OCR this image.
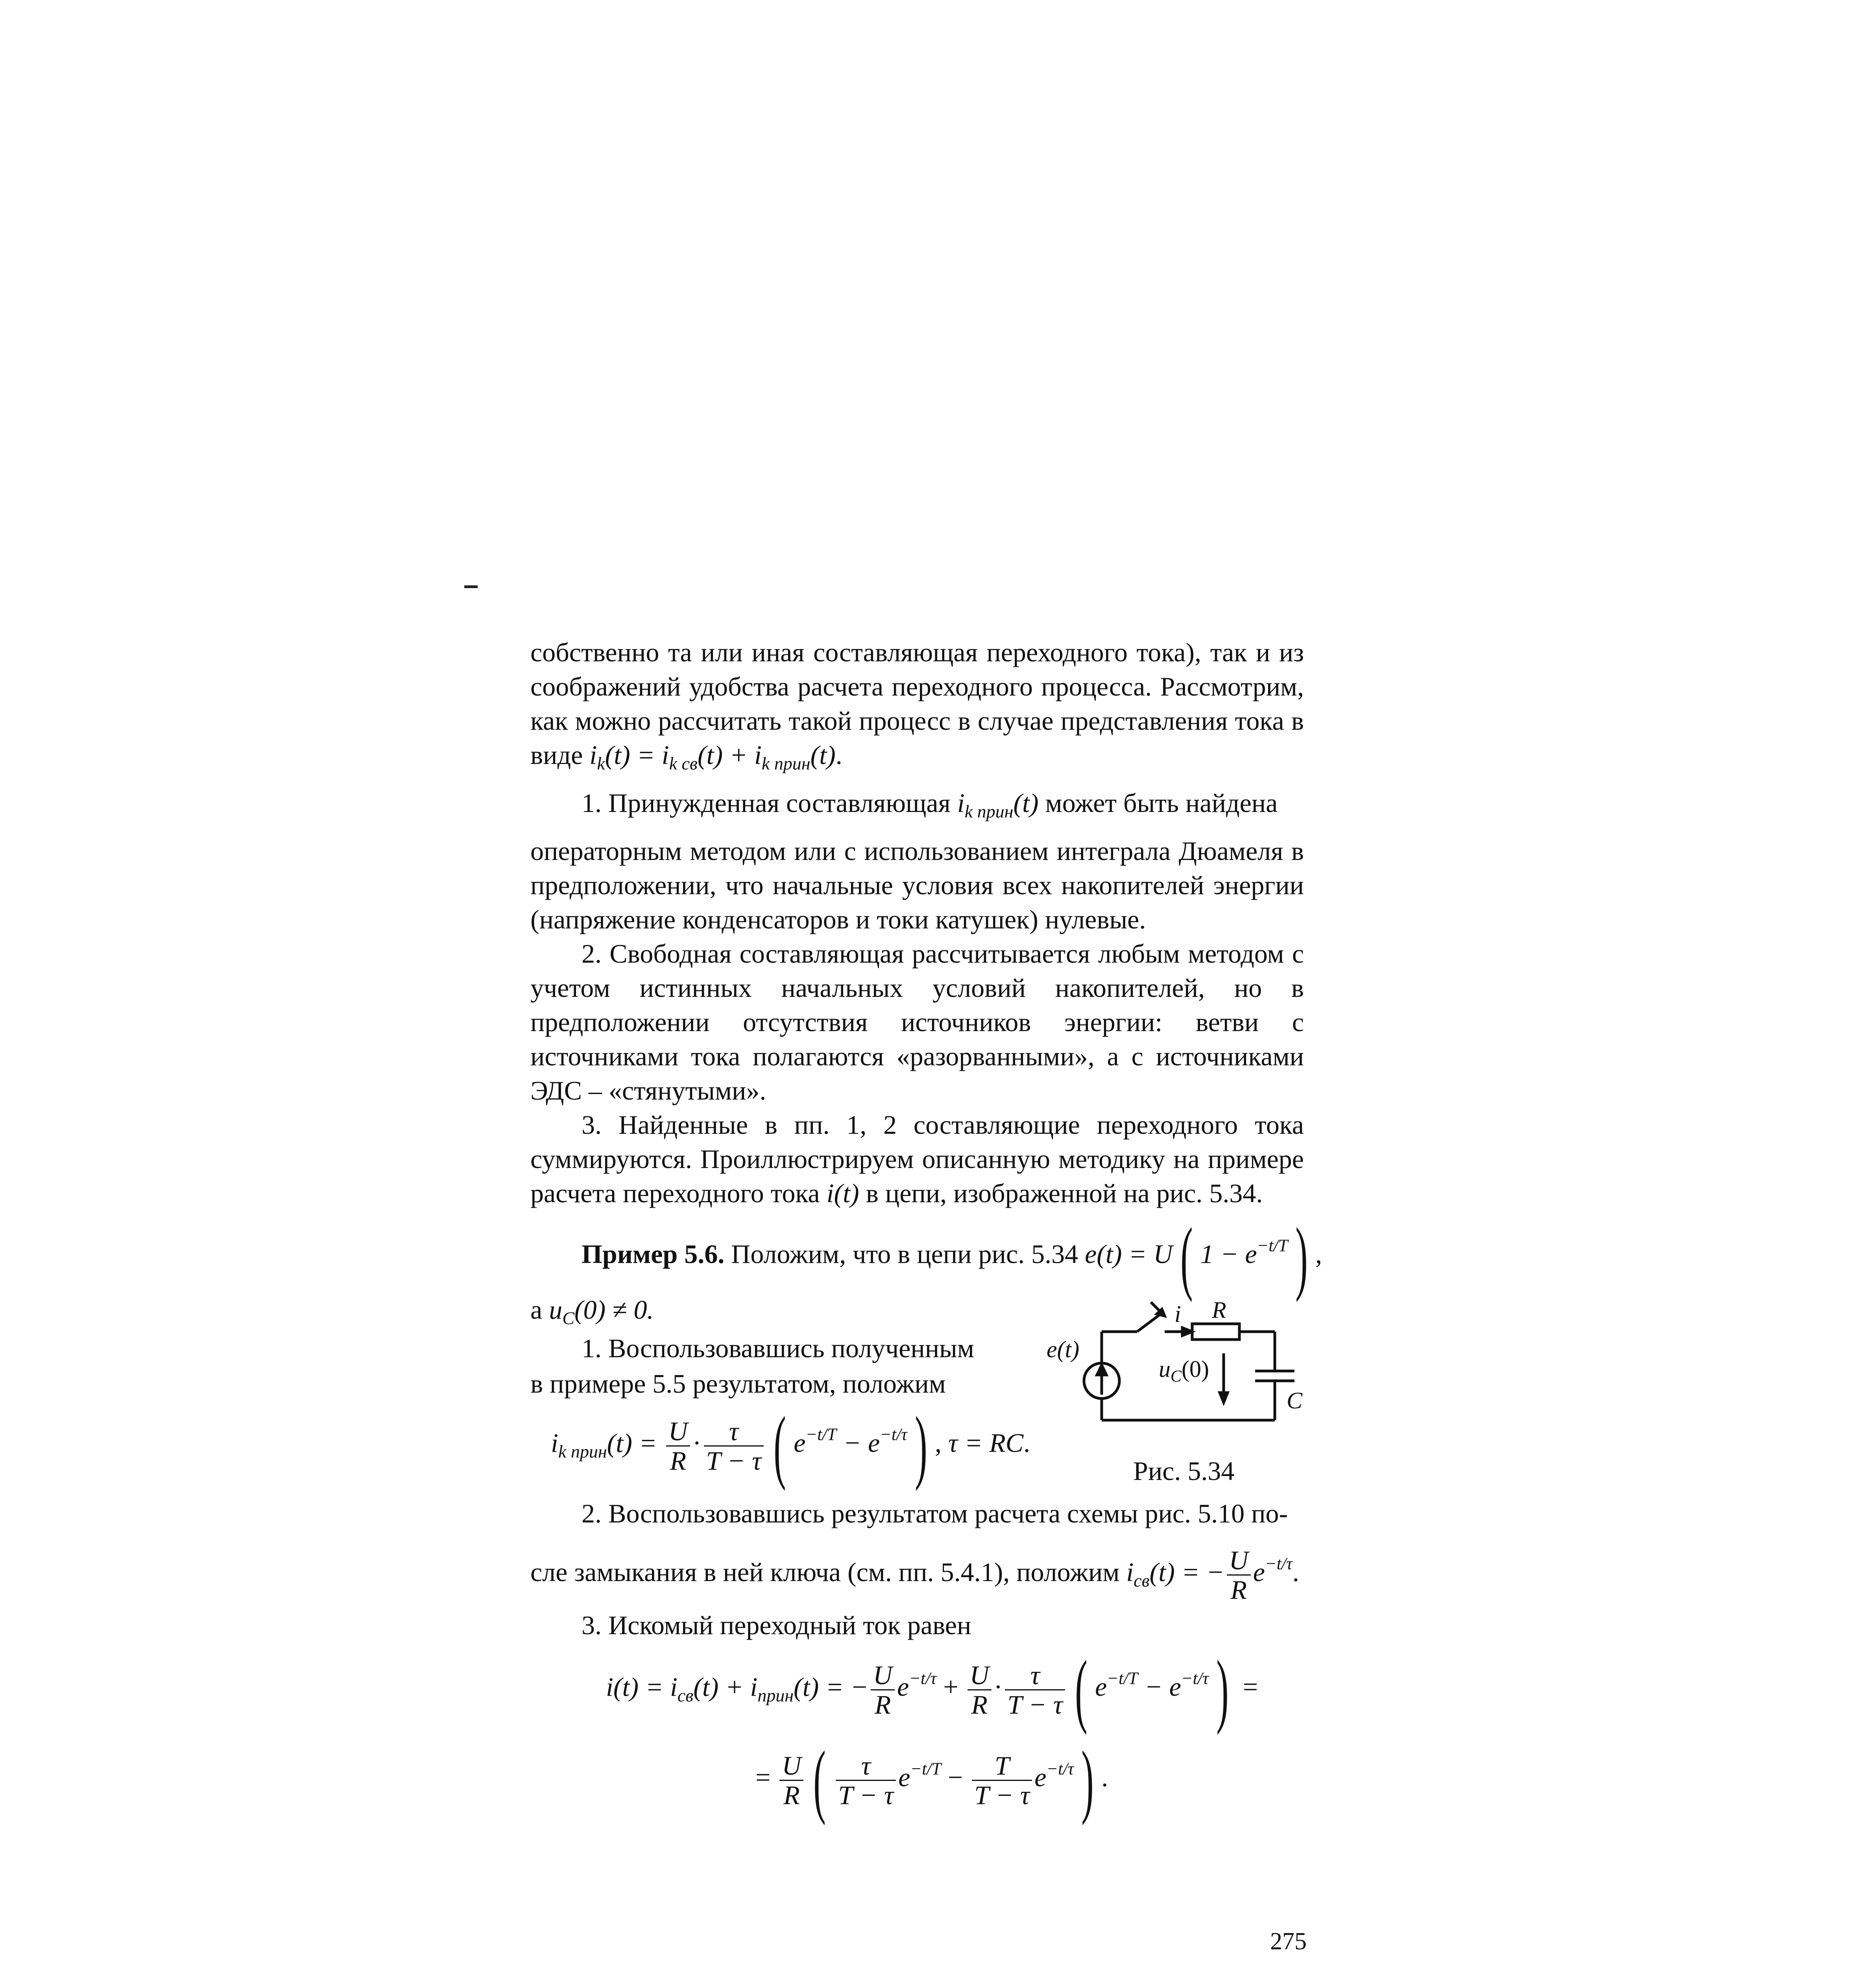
собственно та или иная составляющая переходного тока), так и из соображений удобства расчета переходного процесса. Рассмотрим, как можно рассчитать такой процесс в случае представления тока в виде $i_k(t) = i_{k св}(t) + i_{k прин}(t)$.

1. Принужденная составляющая $i_{k прин}(t)$ может быть найдена

операторным методом или с использованием интеграла Дюамеля в предположении, что начальные условия всех накопителей энергии (напряжение конденсаторов и токи катушек) нулевые.

2. Свободная составляющая рассчитывается любым методом с учетом истинных начальных условий накопителей, но в предположении отсутствия источников энергии: ветви с источниками тока полагаются «разорванными», а с источниками ЭДС – «стянутыми».

3. Найденные в пп. 1, 2 составляющие переходного тока суммируются. Проиллюстрируем описанную методику на примере расчета переходного тока i(t) в цепи, изображенной на рис. 5.34.

Пример 5.6. Положим, что в цепи рис. 5.34 e(t) = U( $1 - e^{-t/T}$) ,
а $u_C(0) \ne 0$.
1. Воспользовавшись полученным
в примере 5.5 результатом, положим
$i_{k прин}(t) = \frac{U}{R} \cdot \frac{\tau}{T - \tau}$ ( $e^{-t/T} - e^{-t/\tau}$) , τ = RC.
e(t)
i R
$u_C(0)$
C
Рис. 5.34
2. Воспользовавшись результатом расчета схемы рис. 5.10 по-
сле замыкания в ней ключа (см. пп. 5.4.1), положим $i_{св}(t)$ = − $\frac{U}{R} e^{-t/\tau}$.
3. Искомый переходный ток равен
$i(t) = i_{св}(t) + i_{прин}(t)$ = − $\frac{U}{R} e^{-t/\tau} + \frac{U}{R} \cdot \frac{\tau}{T - \tau}$ ( $e^{-t/T} - e^{-t/\tau}$) =
= $\frac{U}{R}$ ( $\frac{\tau}{T - \tau} e^{-t/T} - \frac{T}{T - \tau} e^{-t/\tau}$) .
275
